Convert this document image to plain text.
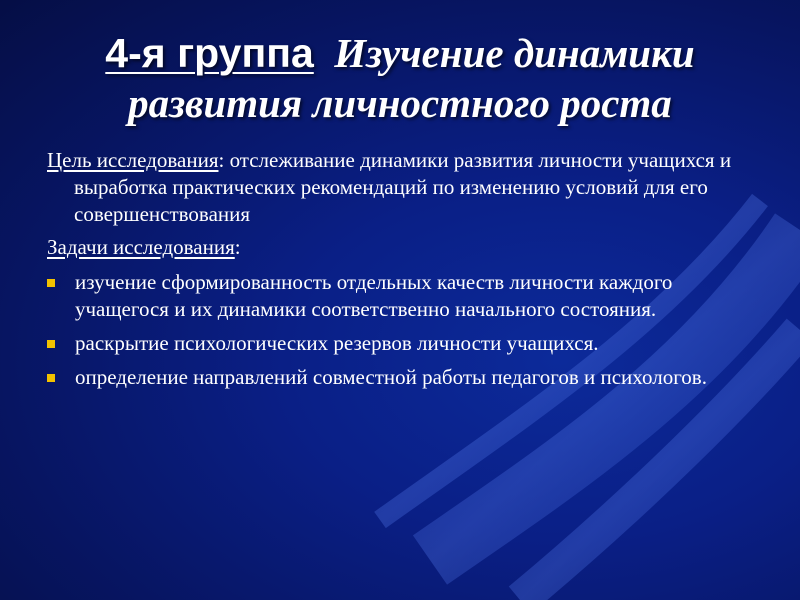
4-я группа Изучение динамики развития личностного роста

Цель исследования: отслеживание динамики развития личности учащихся и выработка практических рекомендаций по изменению условий для его совершенствования

Задачи исследования:

изучение сформированность отдельных качеств личности каждого учащегося и их динамики соответственно начального состояния.
раскрытие психологических резервов личности учащихся.
определение направлений совместной работы педагогов и психологов.
